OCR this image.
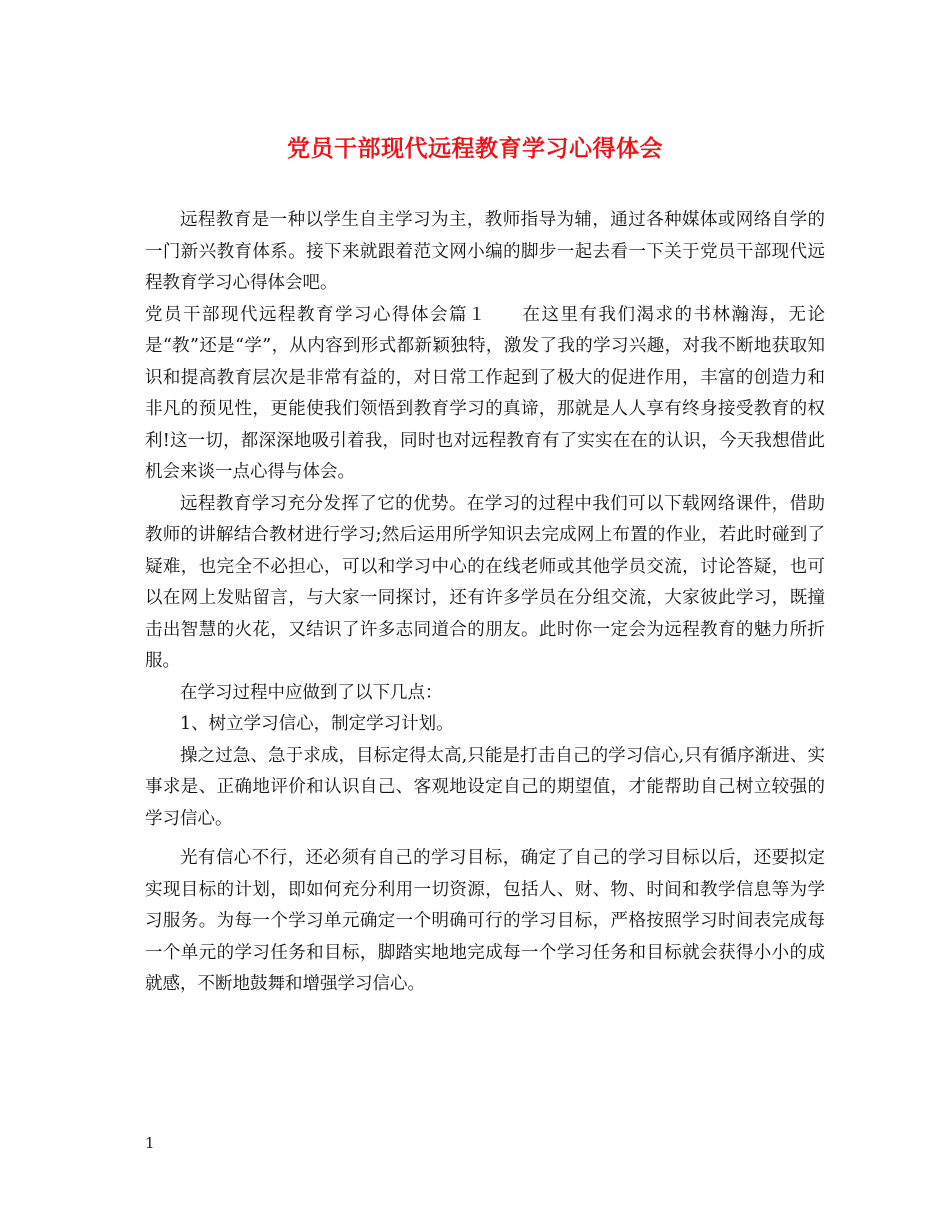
党员干部现代远程教育学习心得体会

远程教育是一种以学生自主学习为主，教师指导为辅，通过各种媒体或网络自学的一门新兴教育体系。接下来就跟着范文网小编的脚步一起去看一下关于党员干部现代远程教育学习心得体会吧。

党员干部现代远程教育学习心得体会篇１ 在这里有我们渴求的书林瀚海，无论是“教”还是“学”，从内容到形式都新颖独特，激发了我的学习兴趣，对我不断地获取知识和提高教育层次是非常有益的，对日常工作起到了极大的促进作用，丰富的创造力和非凡的预见性，更能使我们领悟到教育学习的真谛，那就是人人享有终身接受教育的权利!这一切，都深深地吸引着我，同时也对远程教育有了实实在在的认识，今天我想借此机会来谈一点心得与体会。

远程教育学习充分发挥了它的优势。在学习的过程中我们可以下载网络课件，借助教师的讲解结合教材进行学习;然后运用所学知识去完成网上布置的作业，若此时碰到了疑难，也完全不必担心，可以和学习中心的在线老师或其他学员交流，讨论答疑，也可以在网上发贴留言，与大家一同探讨，还有许多学员在分组交流，大家彼此学习，既撞击出智慧的火花，又结识了许多志同道合的朋友。此时你一定会为远程教育的魅力所折服。

在学习过程中应做到了以下几点：

1、树立学习信心，制定学习计划。

操之过急、急于求成，目标定得太高,只能是打击自己的学习信心,只有循序渐进、实事求是、正确地评价和认识自己、客观地设定自己的期望值，才能帮助自己树立较强的学习信心。

光有信心不行，还必须有自己的学习目标，确定了自己的学习目标以后，还要拟定实现目标的计划，即如何充分利用一切资源，包括人、财、物、时间和教学信息等为学习服务。为每一个学习单元确定一个明确可行的学习目标，严格按照学习时间表完成每一个单元的学习任务和目标，脚踏实地地完成每一个学习任务和目标就会获得小小的成就感，不断地鼓舞和增强学习信心。

1
